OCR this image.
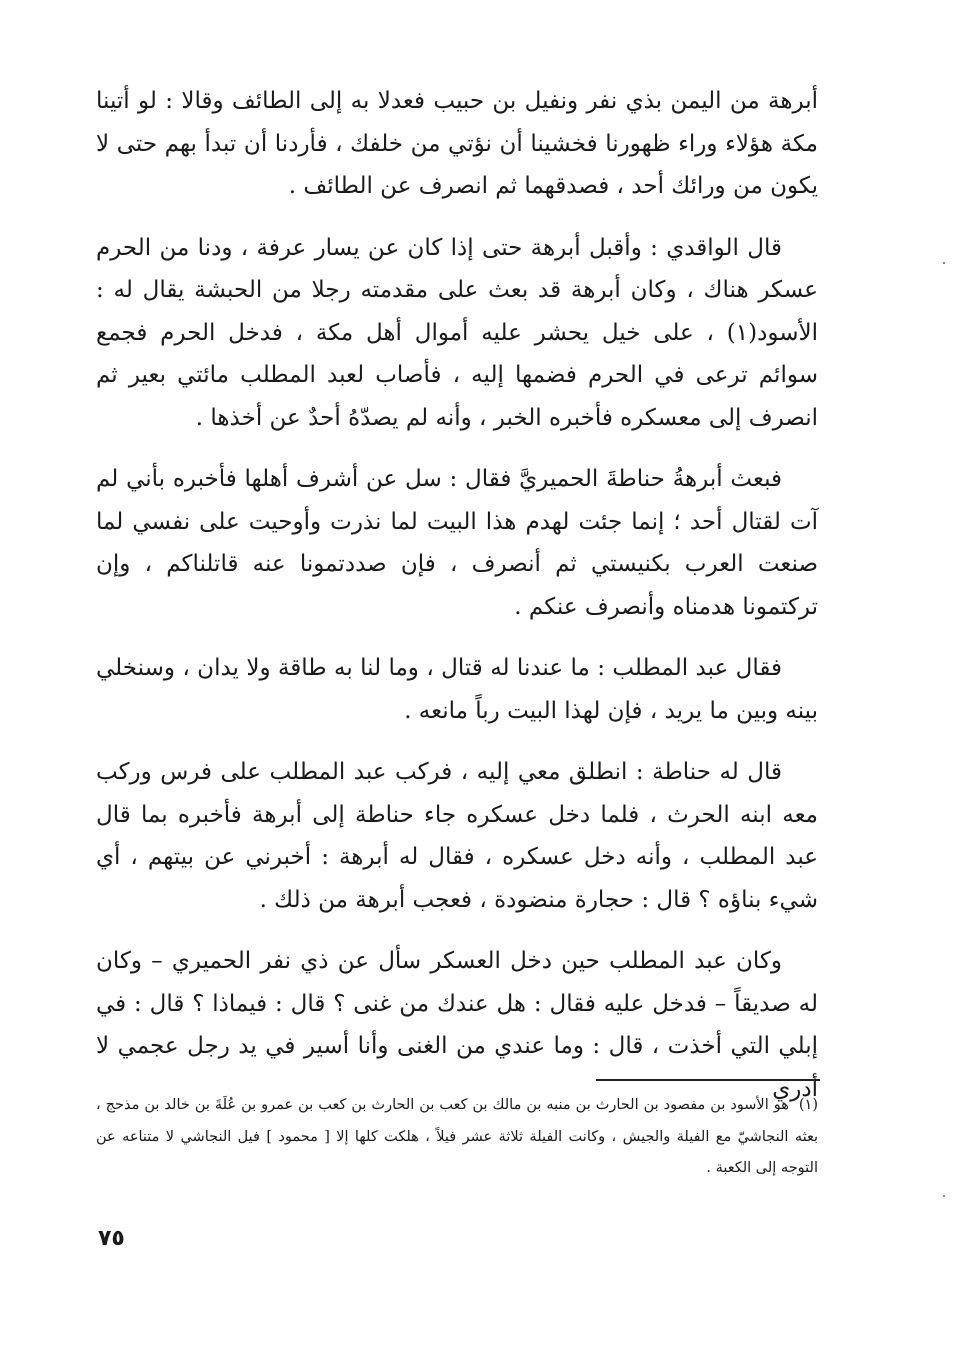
أبرهة من اليمن بذي نفر ونفيل بن حبيب فعدلا به إلى الطائف وقالا : لو أتينا مكة هؤلاء وراء ظهورنا فخشينا أن نؤتي من خلفك ، فأردنا أن تبدأ بهم حتى لا يكون من ورائك أحد ، فصدقهما ثم انصرف عن الطائف .

قال الواقدي : وأقبل أبرهة حتى إذا كان عن يسار عرفة ، ودنا من الحرم عسكر هناك ، وكان أبرهة قد بعث على مقدمته رجلا من الحبشة يقال له : الأسود(١) ، على خيل يحشر عليه أموال أهل مكة ، فدخل الحرم فجمع سوائم ترعى في الحرم فضمها إليه ، فأصاب لعبد المطلب مائتي بعير ثم انصرف إلى معسكره فأخبره الخبر ، وأنه لم يصدّهُ أحدٌ عن أخذها .

فبعث أبرهةُ حناطةَ الحميريَّ فقال : سل عن أشرف أهلها فأخبره بأني لم آت لقتال أحد ؛ إنما جئت لهدم هذا البيت لما نذرت وأوحيت على نفسي لما صنعت العرب بكنيستي ثم أنصرف ، فإن صددتمونا عنه قاتلناكم ، وإن تركتمونا هدمناه وأنصرف عنكم .

فقال عبد المطلب : ما عندنا له قتال ، وما لنا به طاقة ولا يدان ، وسنخلي بينه وبين ما يريد ، فإن لهذا البيت رباً مانعه .

قال له حناطة : انطلق معي إليه ، فركب عبد المطلب على فرس وركب معه ابنه الحرث ، فلما دخل عسكره جاء حناطة إلى أبرهة فأخبره بما قال عبد المطلب ، وأنه دخل عسكره ، فقال له أبرهة : أخبرني عن بيتهم ، أي شيء بناؤه ؟ قال : حجارة منضودة ، فعجب أبرهة من ذلك .

وكان عبد المطلب حين دخل العسكر سأل عن ذي نفر الحميري – وكان له صديقاً – فدخل عليه فقال : هل عندك من غنى ؟ قال : فيماذا ؟ قال : في إبلي التي أخذت ، قال : وما عندي من الغنى وأنا أسير في يد رجل عجمي لا أدري

(١)هو الأسود بن مفصود بن الحارث بن منبه بن مالك بن كعب بن الحارث بن كعب بن عمرو بن عُلَةَ بن خالد بن مذحج ، بعثه النجاشيّ مع الفيلة والجيش ، وكانت الفيلة ثلاثة عشر فيلاً ، هلكت كلها إلا [ محمود ] فيل النجاشي لا متناعه عن التوجه إلى الكعبة .
٧٥
